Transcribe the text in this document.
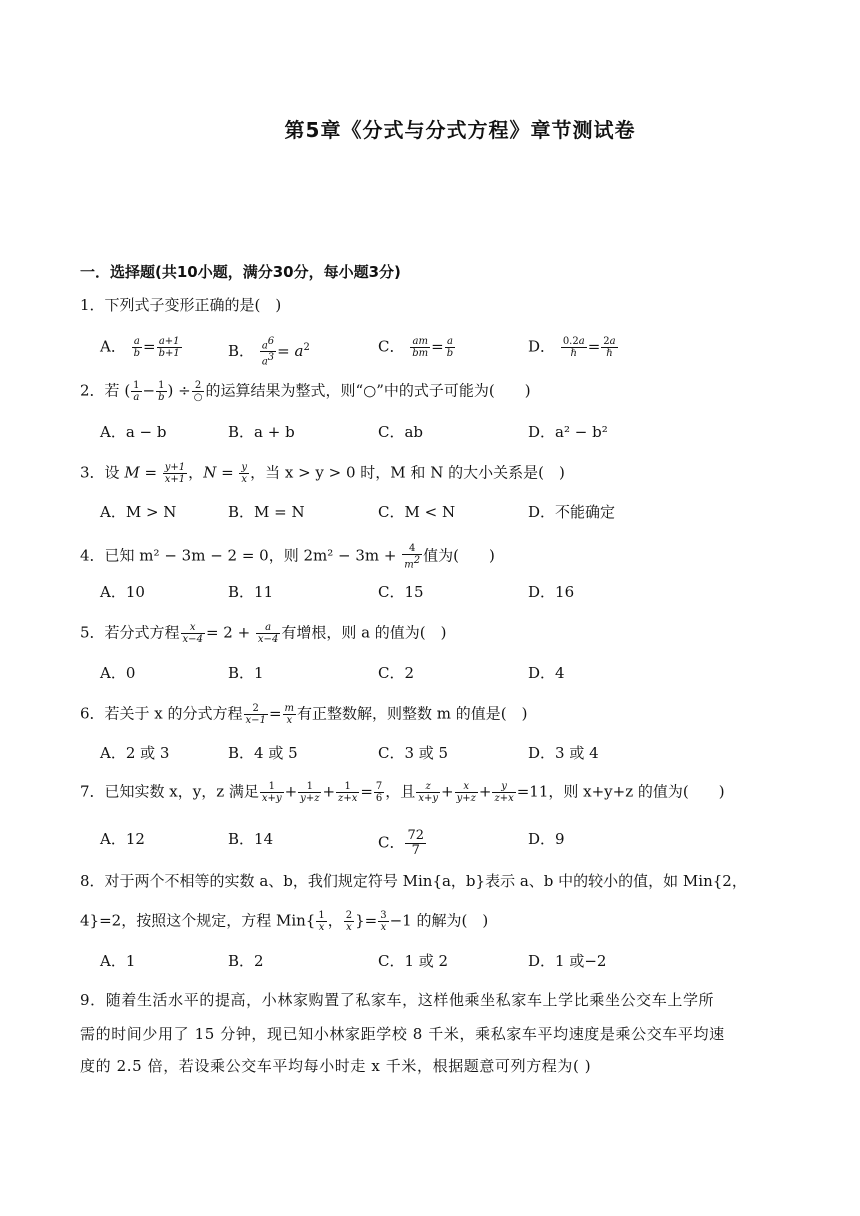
第5章《分式与分式方程》章节测试卷
一．选择题(共10小题，满分30分，每小题3分)
1．下列式子变形正确的是(　)
A． $\frac{a}{b} = \frac{a+1}{b+1}$	B． $\frac{a^6}{a^3} = a^2$	C． $\frac{am}{bm} = \frac{a}{b}$	D． $\frac{0.2a}{\text{ℏ}} = \frac{2a}{\text{ℏ}}$
2．若 ( $\frac{1}{a} - \frac{1}{b}$ ) ÷ $\frac{2}{○}$ 的运算结果为整式，则“○”中的式子可能为(　　)
A．a − b	B．a + b	C．ab	D．a² − b²
3．设 $M = \frac{y+1}{x+1}$ ，$N = \frac{y}{x}$ ，当 x > y > 0 时，M 和 N 的大小关系是(　)
A．M > N	B．M = N	C．M < N	D．不能确定
4．已知 m² − 3m − 2 = 0，则 $2m^2 - 3m + \frac{4}{m^2}$ 值为(　　)
A．10	B．11	C．15	D．16
5．若分式方程 $\frac{x}{x-4} = 2 + \frac{a}{x-4}$ 有增根，则 a 的值为(　)
A．0	B．1	C．2	D．4
6．若关于 x 的分式方程 $\frac{2}{x-1} = \frac{m}{x}$ 有正整数解，则整数 m 的值是(　)
A．2 或 3	B．4 或 5	C．3 或 5	D．3 或 4
7．已知实数 x，y，z 满足 $\frac{1}{x+y} + \frac{1}{y+z} + \frac{1}{z+x} = \frac{7}{6}$ ，且 $\frac{z}{x+y} + \frac{x}{y+z} + \frac{y}{z+x} =11$，则 x+y+z 的值为(　　)
A．12	B．14	C． $\frac{72}{7}$	D．9
8．对于两个不相等的实数 a、b，我们规定符号 Min{a，b}表示 a、b 中的较小的值，如 Min{2，
4}=2，按照这个规定，方程 $Min\{ \frac{1}{x}$ ， $\frac{2}{x}$ }= $\frac{3}{x} -1$ 的解为(　)
A．1	B．2	C．1 或 2	D．1 或−2
9．随着生活水平的提高，小林家购置了私家车，这样他乘坐私家车上学比乘坐公交车上学所
需的时间少用了 15 分钟，现已知小林家距学校 8 千米，乘私家车平均速度是乘公交车平均速
度的 2.5 倍，若设乘公交车平均每小时走 x 千米，根据题意可列方程为( )
